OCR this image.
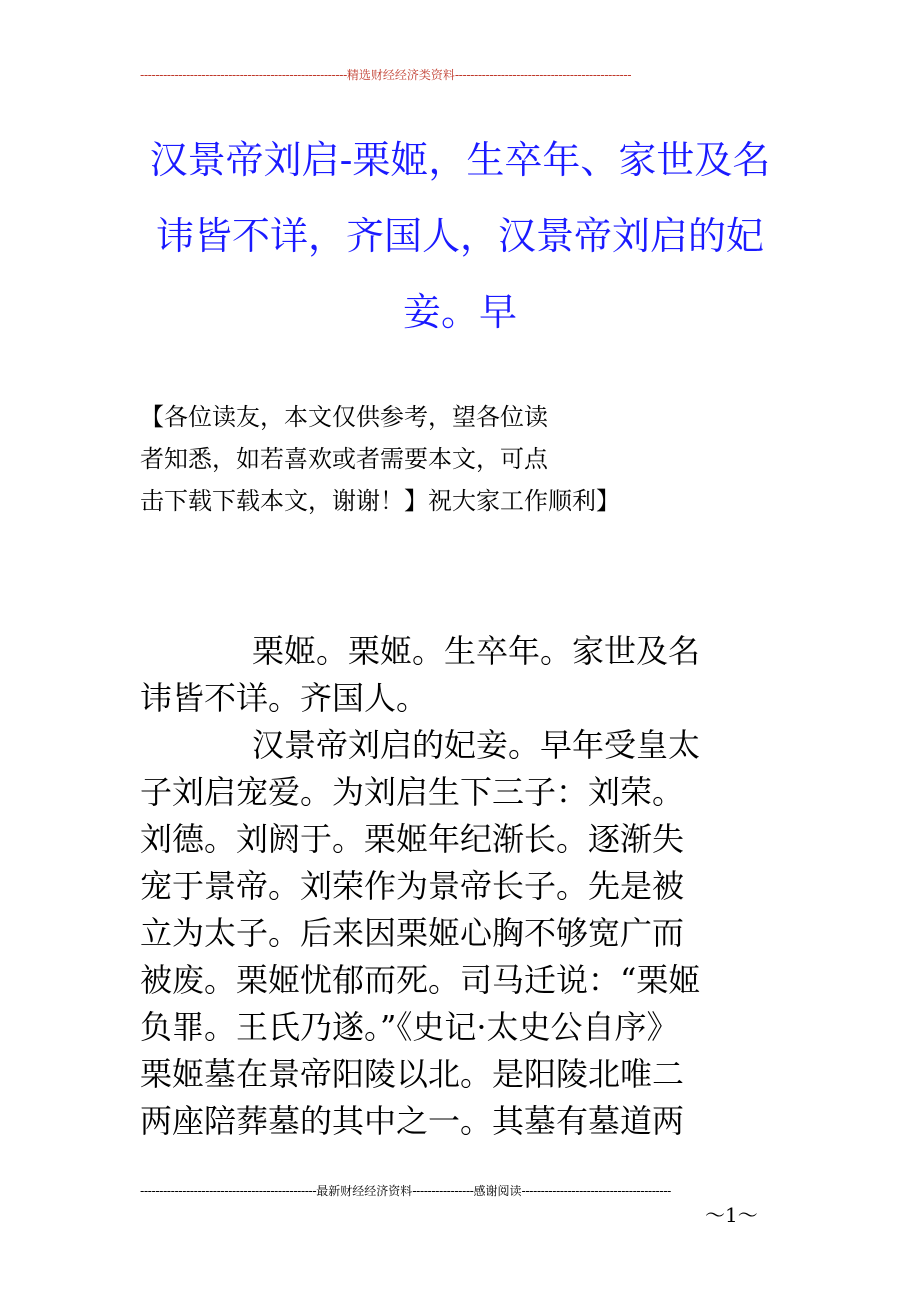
------------------------------------------------------精选财经经济类资料----------------------------------------------
汉景帝刘启-栗姬，生卒年、家世及名
讳皆不详，齐国人，汉景帝刘启的妃
妾。早
【各位读友，本文仅供参考，望各位读
者知悉，如若喜欢或者需要本文，可点
击下载下载本文，谢谢！】祝大家工作顺利】
栗姬。栗姬。生卒年。家世及名
讳皆不详。齐国人。
汉景帝刘启的妃妾。早年受皇太
子刘启宠爱。为刘启生下三子：刘荣。
刘德。刘阏于。栗姬年纪渐长。逐渐失
宠于景帝。刘荣作为景帝长子。先是被
立为太子。后来因栗姬心胸不够宽广而
被废。栗姬忧郁而死。司马迁说：“栗姬
负罪。王氏乃遂。”《史记·太史公自序》
栗姬墓在景帝阳陵以北。是阳陵北唯二
两座陪葬墓的其中之一。其墓有墓道两
----------------------------------------------最新财经经济资料----------------感谢阅读---------------------------------------
～1～
